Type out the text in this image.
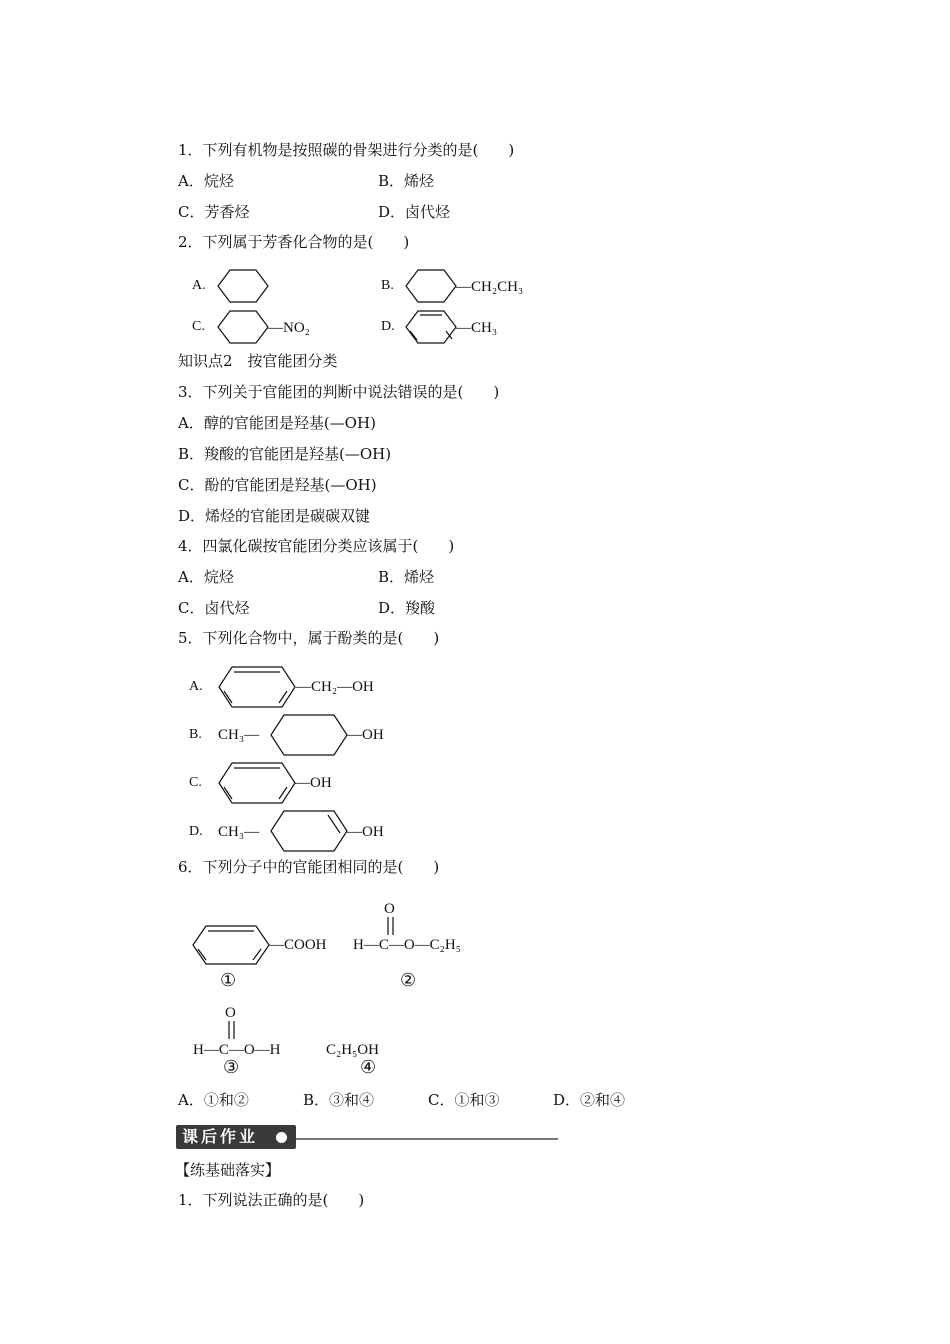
1．下列有机物是按照碳的骨架进行分类的是(　　)
A．烷烃	B．烯烃
C．芳香烃	D．卤代烃
2．下列属于芳香化合物的是(　　)
A.	B.	—CH₂CH₃
C.	—NO₂	D.	—CH₃
知识点2　按官能团分类
3．下列关于官能团的判断中说法错误的是(　　)
A．醇的官能团是羟基(—OH)
B．羧酸的官能团是羟基(—OH)
C．酚的官能团是羟基(—OH)
D．烯烃的官能团是碳碳双键
4．四氯化碳按官能团分类应该属于(　　)
A．烷烃	B．烯烃
C．卤代烃	D．羧酸
5．下列化合物中，属于酚类的是(　　)
A.	—CH₂—OH
B. CH₃—	—OH
C.	—OH
D. CH₃—	—OH
6．下列分子中的官能团相同的是(　　)
—COOH
①
O
H—C—O—C₂H₅
②
O
H—C—O—H
③
C₂H₅OH
④
A．①和②	B．③和④	C．①和③	D．②和④
课后作业
【练基础落实】
1．下列说法正确的是(　　)
